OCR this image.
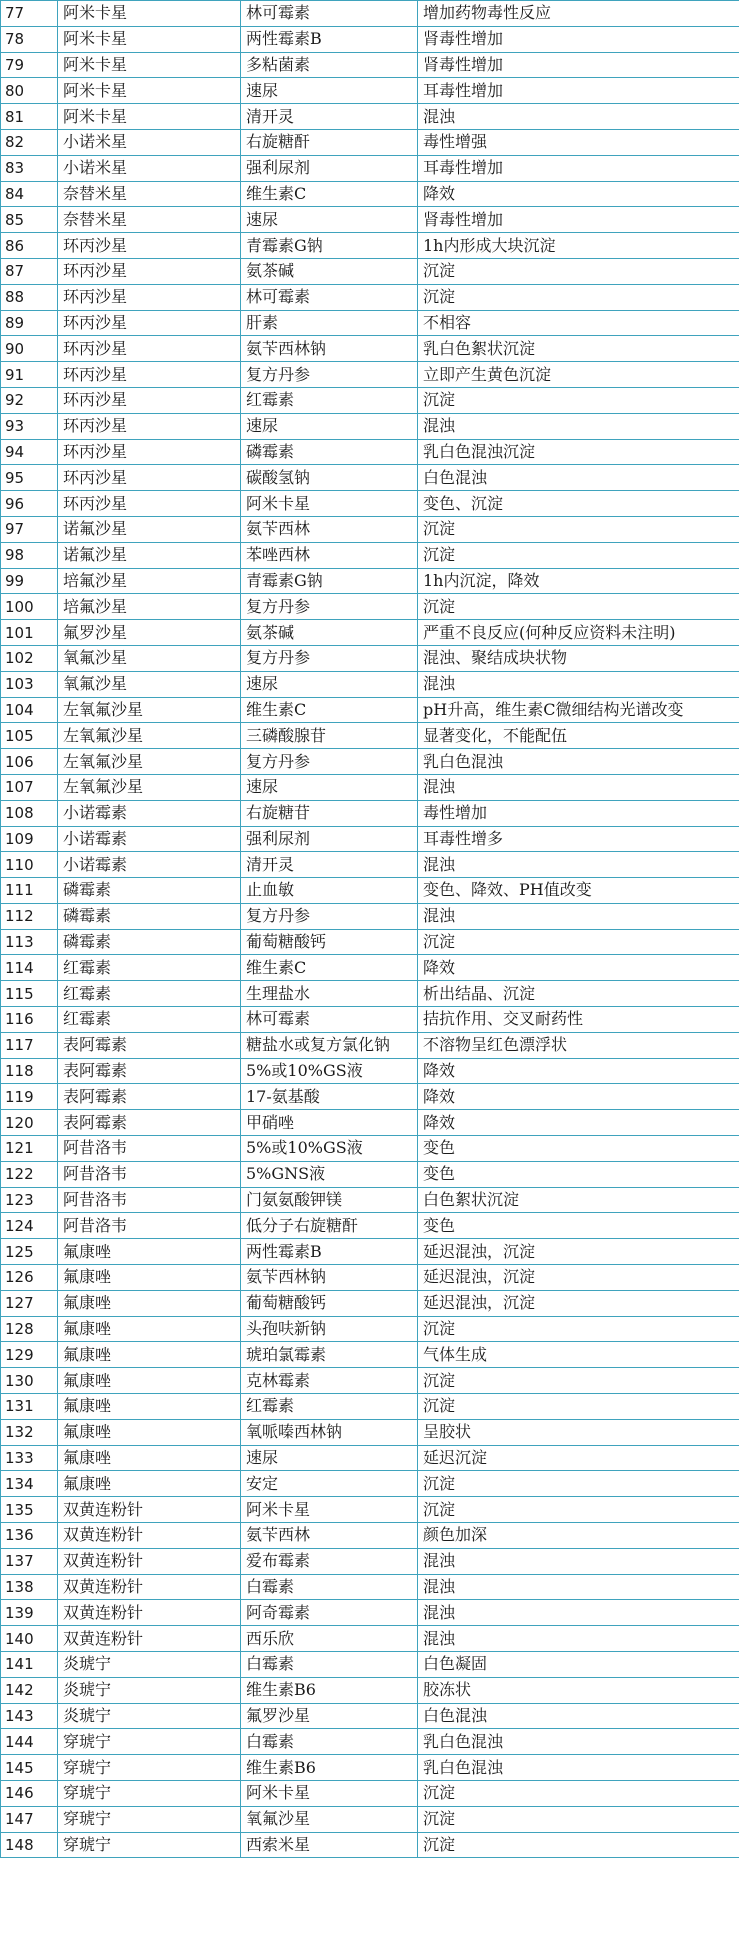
77	阿米卡星	林可霉素	增加药物毒性反应
78	阿米卡星	两性霉素B	肾毒性增加
79	阿米卡星	多粘菌素	肾毒性增加
80	阿米卡星	速尿	耳毒性增加
81	阿米卡星	清开灵	混浊
82	小诺米星	右旋糖酐	毒性增强
83	小诺米星	强利尿剂	耳毒性增加
84	奈替米星	维生素C	降效
85	奈替米星	速尿	肾毒性增加
86	环丙沙星	青霉素G钠	1h内形成大块沉淀
87	环丙沙星	氨茶碱	沉淀
88	环丙沙星	林可霉素	沉淀
89	环丙沙星	肝素	不相容
90	环丙沙星	氨苄西林钠	乳白色絮状沉淀
91	环丙沙星	复方丹参	立即产生黄色沉淀
92	环丙沙星	红霉素	沉淀
93	环丙沙星	速尿	混浊
94	环丙沙星	磷霉素	乳白色混浊沉淀
95	环丙沙星	碳酸氢钠	白色混浊
96	环丙沙星	阿米卡星	变色、沉淀
97	诺氟沙星	氨苄西林	沉淀
98	诺氟沙星	苯唑西林	沉淀
99	培氟沙星	青霉素G钠	1h内沉淀，降效
100	培氟沙星	复方丹参	沉淀
101	氟罗沙星	氨茶碱	严重不良反应(何种反应资料未注明)
102	氧氟沙星	复方丹参	混浊、聚结成块状物
103	氧氟沙星	速尿	混浊
104	左氧氟沙星	维生素C	pH升高，维生素C微细结构光谱改变
105	左氧氟沙星	三磷酸腺苷	显著变化，不能配伍
106	左氧氟沙星	复方丹参	乳白色混浊
107	左氧氟沙星	速尿	混浊
108	小诺霉素	右旋糖苷	毒性增加
109	小诺霉素	强利尿剂	耳毒性增多
110	小诺霉素	清开灵	混浊
111	磷霉素	止血敏	变色、降效、PH值改变
112	磷霉素	复方丹参	混浊
113	磷霉素	葡萄糖酸钙	沉淀
114	红霉素	维生素C	降效
115	红霉素	生理盐水	析出结晶、沉淀
116	红霉素	林可霉素	拮抗作用、交叉耐药性
117	表阿霉素	糖盐水或复方氯化钠	不溶物呈红色漂浮状
118	表阿霉素	5%或10%GS液	降效
119	表阿霉素	17-氨基酸	降效
120	表阿霉素	甲硝唑	降效
121	阿昔洛韦	5%或10%GS液	变色
122	阿昔洛韦	5%GNS液	变色
123	阿昔洛韦	门氨氨酸钾镁	白色絮状沉淀
124	阿昔洛韦	低分子右旋糖酐	变色
125	氟康唑	两性霉素B	延迟混浊，沉淀
126	氟康唑	氨苄西林钠	延迟混浊，沉淀
127	氟康唑	葡萄糖酸钙	延迟混浊，沉淀
128	氟康唑	头孢呋新钠	沉淀
129	氟康唑	琥珀氯霉素	气体生成
130	氟康唑	克林霉素	沉淀
131	氟康唑	红霉素	沉淀
132	氟康唑	氧哌嗪西林钠	呈胶状
133	氟康唑	速尿	延迟沉淀
134	氟康唑	安定	沉淀
135	双黄连粉针	阿米卡星	沉淀
136	双黄连粉针	氨苄西林	颜色加深
137	双黄连粉针	爱布霉素	混浊
138	双黄连粉针	白霉素	混浊
139	双黄连粉针	阿奇霉素	混浊
140	双黄连粉针	西乐欣	混浊
141	炎琥宁	白霉素	白色凝固
142	炎琥宁	维生素B6	胶冻状
143	炎琥宁	氟罗沙星	白色混浊
144	穿琥宁	白霉素	乳白色混浊
145	穿琥宁	维生素B6	乳白色混浊
146	穿琥宁	阿米卡星	沉淀
147	穿琥宁	氧氟沙星	沉淀
148	穿琥宁	西索米星	沉淀
